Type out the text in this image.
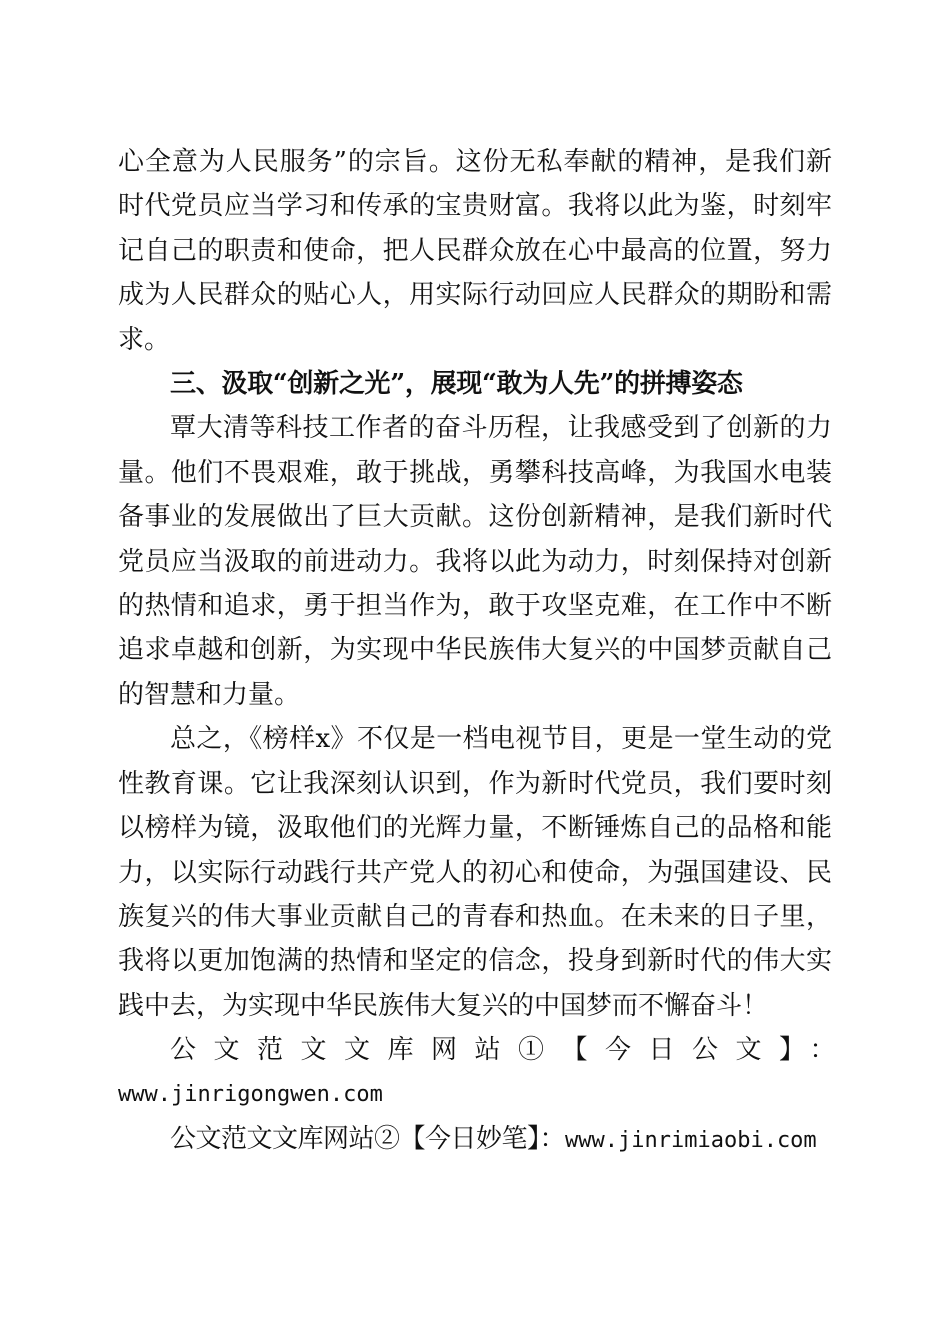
心全意为人民服务”的宗旨。这份无私奉献的精神，是我们新时代党员应当学习和传承的宝贵财富。我将以此为鉴，时刻牢记自己的职责和使命，把人民群众放在心中最高的位置，努力成为人民群众的贴心人，用实际行动回应人民群众的期盼和需求。

三、汲取“创新之光”，展现“敢为人先”的拼搏姿态

覃大清等科技工作者的奋斗历程，让我感受到了创新的力量。他们不畏艰难，敢于挑战，勇攀科技高峰，为我国水电装备事业的发展做出了巨大贡献。这份创新精神，是我们新时代党员应当汲取的前进动力。我将以此为动力，时刻保持对创新的热情和追求，勇于担当作为，敢于攻坚克难，在工作中不断追求卓越和创新，为实现中华民族伟大复兴的中国梦贡献自己的智慧和力量。

总之，《榜样x》不仅是一档电视节目，更是一堂生动的党性教育课。它让我深刻认识到，作为新时代党员，我们要时刻以榜样为镜，汲取他们的光辉力量，不断锤炼自己的品格和能力，以实际行动践行共产党人的初心和使命，为强国建设、民族复兴的伟大事业贡献自己的青春和热血。在未来的日子里，我将以更加饱满的热情和坚定的信念，投身到新时代的伟大实践中去，为实现中华民族伟大复兴的中国梦而不懈奋斗！

公文范文文库网站①【今日公文】：

www.jinrigongwen.com

公文范文文库网站②【今日妙笔】：www.jinrimiaobi.com
